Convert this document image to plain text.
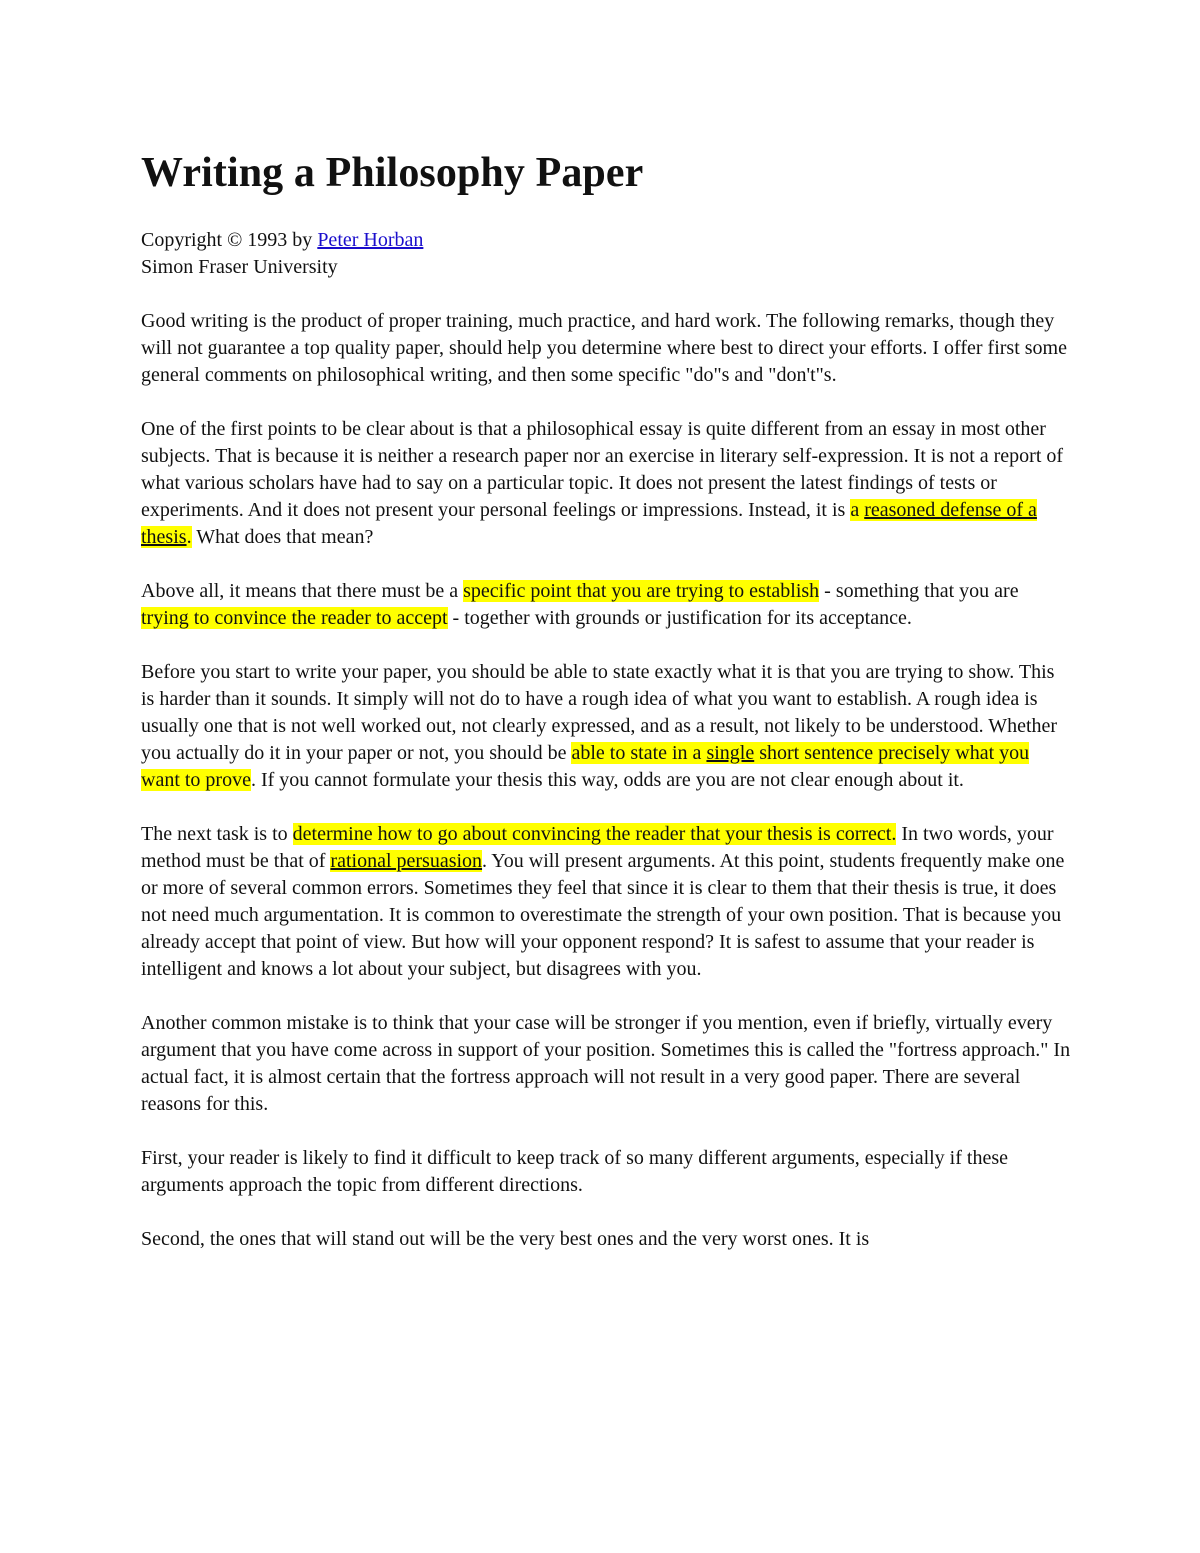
Writing a Philosophy Paper
Copyright © 1993 by Peter Horban
Simon Fraser University

Good writing is the product of proper training, much practice, and hard work. The following remarks, though they will not guarantee a top quality paper, should help you determine where best to direct your efforts. I offer first some general comments on philosophical writing, and then some specific "do"s and "don't"s.

One of the first points to be clear about is that a philosophical essay is quite different from an essay in most other subjects. That is because it is neither a research paper nor an exercise in literary self-expression. It is not a report of what various scholars have had to say on a particular topic. It does not present the latest findings of tests or experiments. And it does not present your personal feelings or impressions. Instead, it is a reasoned defense of a thesis. What does that mean?

Above all, it means that there must be a specific point that you are trying to establish - something that you are trying to convince the reader to accept - together with grounds or justification for its acceptance.

Before you start to write your paper, you should be able to state exactly what it is that you are trying to show. This is harder than it sounds. It simply will not do to have a rough idea of what you want to establish. A rough idea is usually one that is not well worked out, not clearly expressed, and as a result, not likely to be understood. Whether you actually do it in your paper or not, you should be able to state in a single short sentence precisely what you want to prove. If you cannot formulate your thesis this way, odds are you are not clear enough about it.

The next task is to determine how to go about convincing the reader that your thesis is correct. In two words, your method must be that of rational persuasion. You will present arguments. At this point, students frequently make one or more of several common errors. Sometimes they feel that since it is clear to them that their thesis is true, it does not need much argumentation. It is common to overestimate the strength of your own position. That is because you already accept that point of view. But how will your opponent respond? It is safest to assume that your reader is intelligent and knows a lot about your subject, but disagrees with you.

Another common mistake is to think that your case will be stronger if you mention, even if briefly, virtually every argument that you have come across in support of your position. Sometimes this is called the "fortress approach." In actual fact, it is almost certain that the fortress approach will not result in a very good paper. There are several reasons for this.

First, your reader is likely to find it difficult to keep track of so many different arguments, especially if these arguments approach the topic from different directions.

Second, the ones that will stand out will be the very best ones and the very worst ones. It is
